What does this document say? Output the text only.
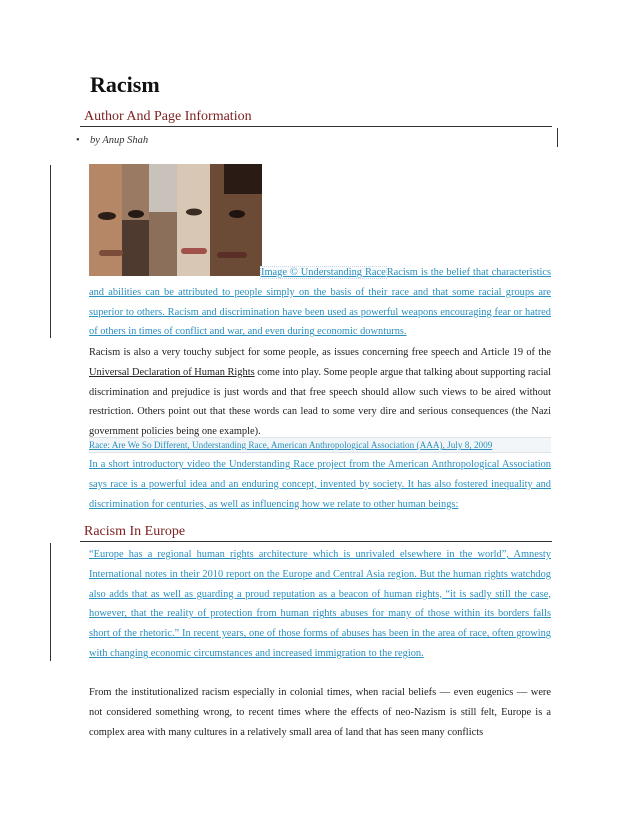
Racism
Author And Page Information
• by Anup Shah
Image © Understanding RaceRacism is the belief that characteristics and abilities can be attributed to people simply on the basis of their race and that some racial groups are superior to others. Racism and discrimination have been used as powerful weapons encouraging fear or hatred of others in times of conflict and war, and even during economic downturns.
Racism is also a very touchy subject for some people, as issues concerning free speech and Article 19 of the Universal Declaration of Human Rights come into play. Some people argue that talking about supporting racial discrimination and prejudice is just words and that free speech should allow such views to be aired without restriction. Others point out that these words can lead to some very dire and serious consequences (the Nazi government policies being one example).
Race: Are We So Different, Understanding Race, American Anthropological Association (AAA), July 8, 2009
In a short introductory video the Understanding Race project from the American Anthropological Association says race is a powerful idea and an enduring concept, invented by society. It has also fostered inequality and discrimination for centuries, as well as influencing how we relate to other human beings:
Racism In Europe
“Europe has a regional human rights architecture which is unrivaled elsewhere in the world”, Amnesty International notes in their 2010 report on the Europe and Central Asia region. But the human rights watchdog also adds that as well as guarding a proud reputation as a beacon of human rights, “it is sadly still the case, however, that the reality of protection from human rights abuses for many of those within its borders falls short of the rhetoric.” In recent years, one of those forms of abuses has been in the area of race, often growing with changing economic circumstances and increased immigration to the region.
From the institutionalized racism especially in colonial times, when racial beliefs — even eugenics — were not considered something wrong, to recent times where the effects of neo-Nazism is still felt, Europe is a complex area with many cultures in a relatively small area of land that has seen many conflicts
